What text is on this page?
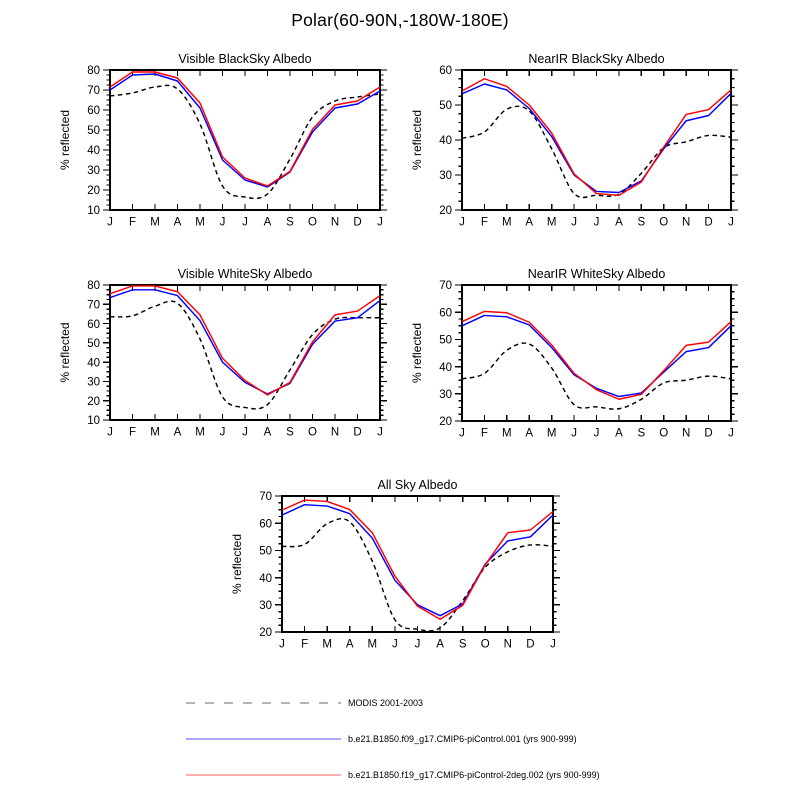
Polar(60-90N,-180W-180E)
10
20
30
40
50
60
70
80
J F M A M J J A S O N D J
Visible BlackSky Albedo
% reflected
20
30
40
50
60
J F M A M J J A S O N D J
NearIR BlackSky Albedo
% reflected
10
20
30
40
50
60
70
80
J F M A M J J A S O N D J
Visible WhiteSky Albedo
% reflected
20
30
40
50
60
70
J F M A M J J A S O N D J
NearIR WhiteSky Albedo
% reflected
20
30
40
50
60
70
J F M A M J J A S O N D J
All Sky Albedo
% reflected
MODIS 2001-2003
b.e21.B1850.f09_g17.CMIP6-piControl.001 (yrs 900-999)
b.e21.B1850.f19_g17.CMIP6-piControl-2deg.002 (yrs 900-999)
